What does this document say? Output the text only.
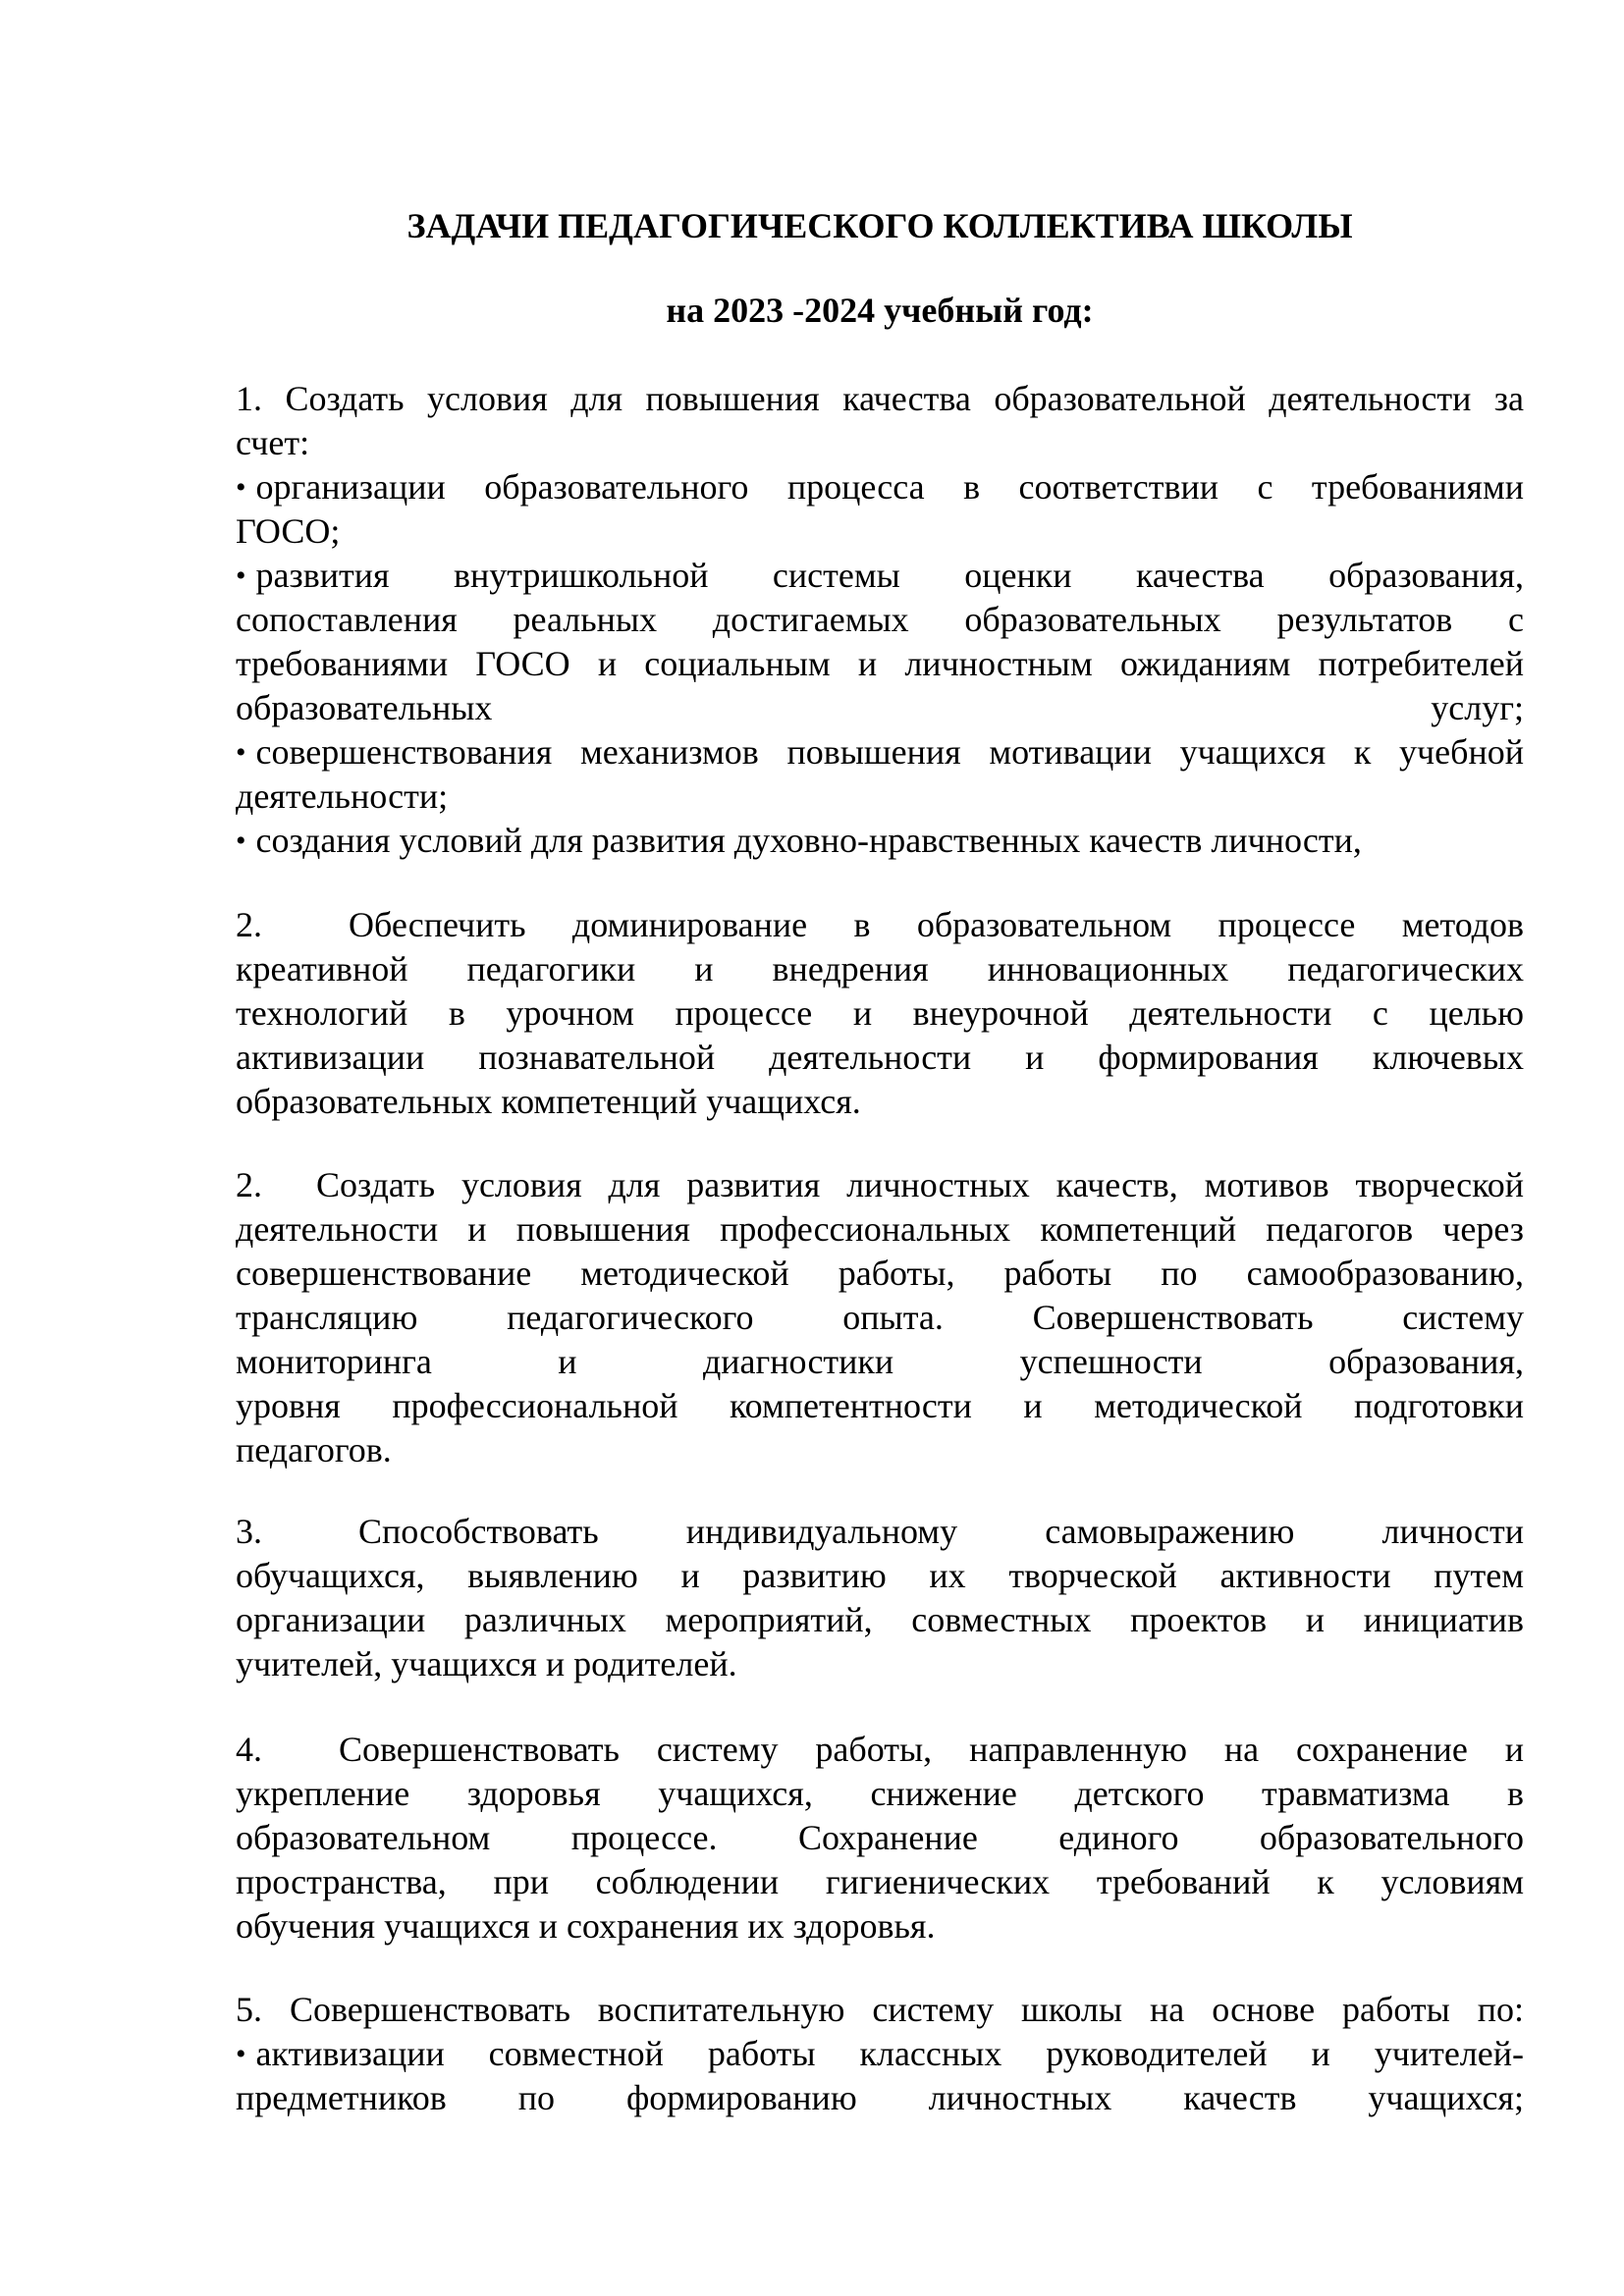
ЗАДАЧИ ПЕДАГОГИЧЕСКОГО КОЛЛЕКТИВА ШКОЛЫ
на 2023 -2024 учебный год:
1. Создать условия для повышения качества образовательной деятельности за
счет:
• организации образовательного процесса в соответствии с требованиями
ГОСО;
• развития внутришкольной системы оценки качества образования,
сопоставления реальных достигаемых образовательных результатов с
требованиями ГОСО и социальным и личностным ожиданиям потребителей
образовательных	услуг;
• совершенствования механизмов повышения мотивации учащихся к учебной
деятельности;
• создания условий для развития духовно-нравственных качеств личности,
2.	Обеспечить доминирование в образовательном процессе методов
креативной педагогики и внедрения инновационных педагогических
технологий в урочном процессе и внеурочной деятельности с целью
активизации познавательной деятельности и формирования ключевых
образовательных компетенций учащихся.
2.	Создать условия для развития личностных качеств, мотивов творческой
деятельности и повышения профессиональных компетенций педагогов через
совершенствование методической работы, работы по самообразованию,
трансляцию педагогического опыта. Совершенствовать систему
мониторинга и диагностики успешности образования,
уровня профессиональной компетентности и методической подготовки
педагогов.
3.	Способствовать индивидуальному самовыражению личности
обучащихся, выявлению и развитию их творческой активности путем
организации различных мероприятий, совместных проектов и инициатив
учителей, учащихся и родителей.
4.	Совершенствовать систему работы, направленную на сохранение и
укрепление здоровья учащихся, снижение детского травматизма в
образовательном процессе. Сохранение единого образовательного
пространства, при соблюдении гигиенических требований к условиям
обучения учащихся и сохранения их здоровья.
5. Совершенствовать воспитательную систему школы на основе работы по:
• активизации совместной работы классных руководителей и учителей-
предметников по формированию личностных качеств учащихся;
